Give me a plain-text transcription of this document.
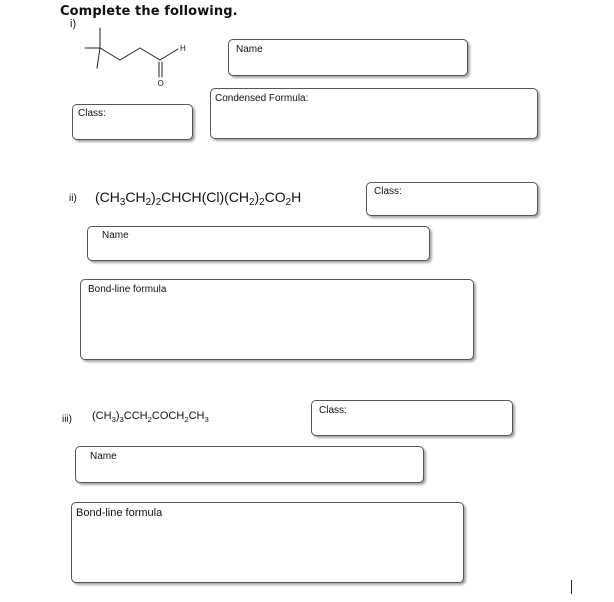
Complete the following.
i)
H
O
Name
Condensed Formula:
Class:
ii) $(CH_3CH_2)_2CHCH(Cl)(CH_2)_2CO_2H$	Class:
Name
Bond-line formula
iii) $(CH_3)_3CCH_2COCH_2CH_3$
Class:
Name
Bond-line formula
